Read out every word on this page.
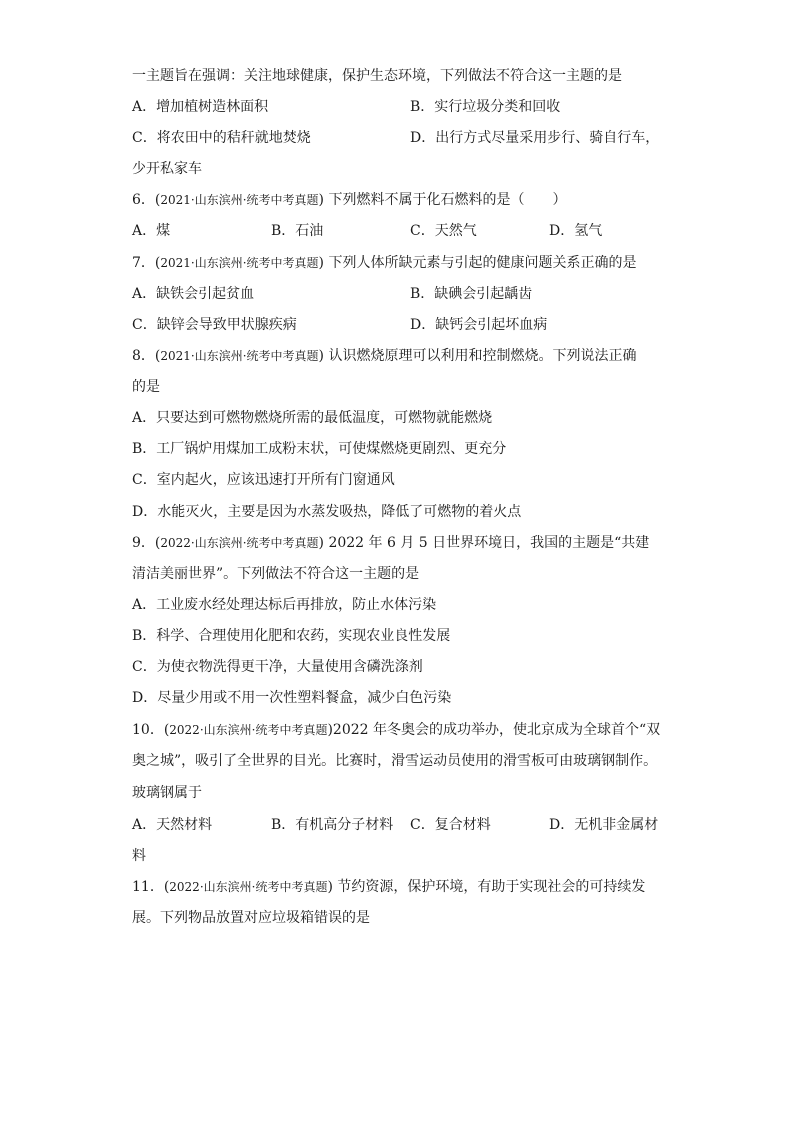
一主题旨在强调：关注地球健康，保护生态环境，下列做法不符合这一主题的是
A．增加植树造林面积	B．实行垃圾分类和回收
C．将农田中的秸秆就地焚烧	D．出行方式尽量采用步行、骑自行车，
少开私家车
6．(2021·山东滨州·统考中考真题) 下列燃料不属于化石燃料的是（　　）
A．煤	B．石油	C．天然气	D．氢气
7．(2021·山东滨州·统考中考真题) 下列人体所缺元素与引起的健康问题关系正确的是
A．缺铁会引起贫血	B．缺碘会引起龋齿
C．缺锌会导致甲状腺疾病	D．缺钙会引起坏血病
8．(2021·山东滨州·统考中考真题) 认识燃烧原理可以利用和控制燃烧。下列说法正确
的是
A．只要达到可燃物燃烧所需的最低温度，可燃物就能燃烧
B．工厂锅炉用煤加工成粉末状，可使煤燃烧更剧烈、更充分
C．室内起火，应该迅速打开所有门窗通风
D．水能灭火，主要是因为水蒸发吸热，降低了可燃物的着火点
9．(2022·山东滨州·统考中考真题) 2022 年 6 月 5 日世界环境日，我国的主题是“共建
清洁美丽世界”。下列做法不符合这一主题的是
A．工业废水经处理达标后再排放，防止水体污染
B．科学、合理使用化肥和农药，实现农业良性发展
C．为使衣物洗得更干净，大量使用含磷洗涤剂
D．尽量少用或不用一次性塑料餐盒，减少白色污染
10．(2022·山东滨州·统考中考真题)2022 年冬奥会的成功举办，使北京成为全球首个“双
奥之城”，吸引了全世界的目光。比赛时，滑雪运动员使用的滑雪板可由玻璃钢制作。
玻璃钢属于
A．天然材料	B．有机高分子材料 C．复合材料	D．无机非金属材
料
11．(2022·山东滨州·统考中考真题) 节约资源，保护环境，有助于实现社会的可持续发
展。下列物品放置对应垃圾箱错误的是
